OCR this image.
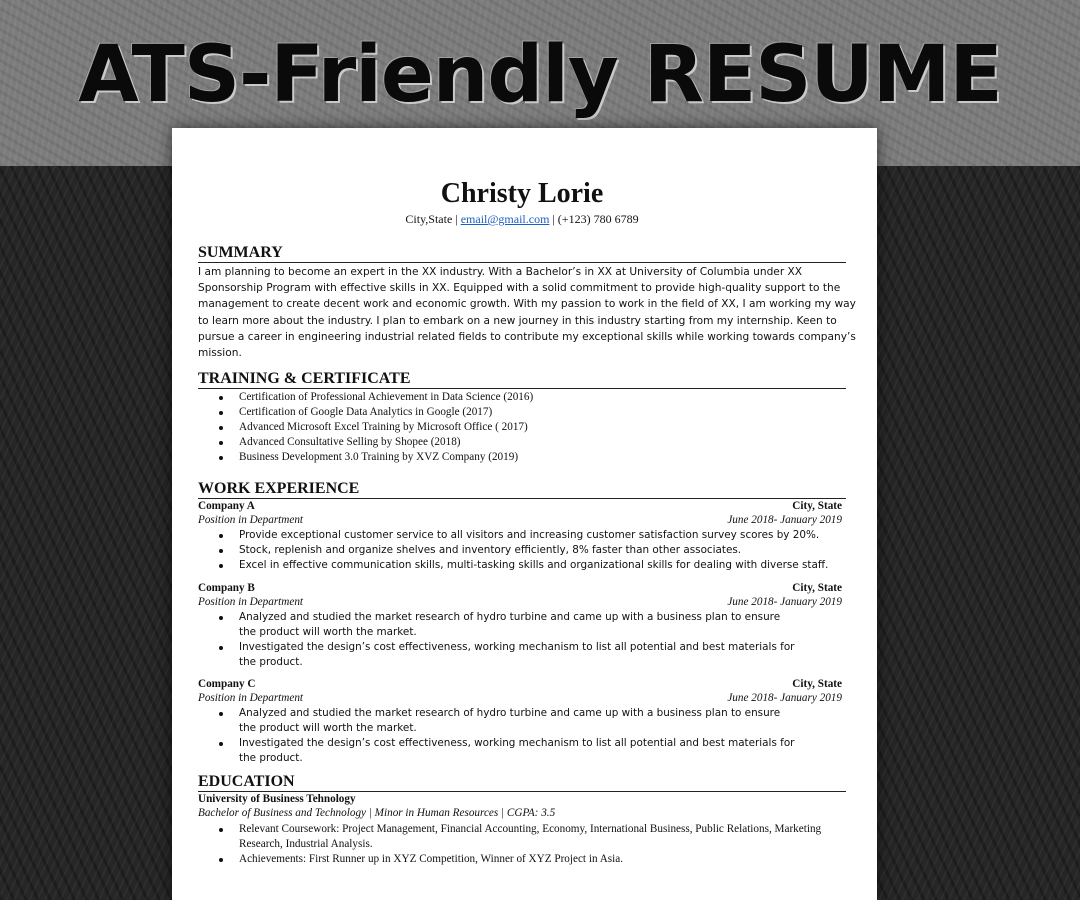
ATS-Friendly RESUME
Christy Lorie
City,State | email@gmail.com | (+123) 780 6789
SUMMARY
I am planning to become an expert in the XX industry. With a Bachelor’s in XX at University of Columbia under XX Sponsorship Program with effective skills in XX. Equipped with a solid commitment to provide high-quality support to the management to create decent work and economic growth. With my passion to work in the field of XX, I am working my way to learn more about the industry. I plan to embark on a new journey in this industry starting from my internship. Keen to pursue a career in engineering industrial related fields to contribute my exceptional skills while working towards company’s mission.
TRAINING & CERTIFICATE
Certification of Professional Achievement in Data Science (2016)
Certification of Google Data Analytics in Google (2017)
Advanced Microsoft Excel Training by Microsoft Office ( 2017)
Advanced Consultative Selling by Shopee (2018)
Business Development 3.0 Training by XVZ Company (2019)
WORK EXPERIENCE
Company A	City, State
Position in Department	June 2018- January 2019
Provide exceptional customer service to all visitors and increasing customer satisfaction survey scores by 20%.
Stock, replenish and organize shelves and inventory efficiently, 8% faster than other associates.
Excel in effective communication skills, multi-tasking skills and organizational skills for dealing with diverse staff.
Company B	City, State
Position in Department	June 2018- January 2019
Analyzed and studied the market research of hydro turbine and came up with a business plan to ensure the product will worth the market.
Investigated the design’s cost effectiveness, working mechanism to list all potential and best materials for the product.
Company C	City, State
Position in Department	June 2018- January 2019
Analyzed and studied the market research of hydro turbine and came up with a business plan to ensure the product will worth the market.
Investigated the design’s cost effectiveness, working mechanism to list all potential and best materials for the product.
EDUCATION
University of Business Tehnology
Bachelor of Business and Technology | Minor in Human Resources | CGPA: 3.5
Relevant Coursework: Project Management, Financial Accounting, Economy, International Business, Public Relations, Marketing Research, Industrial Analysis.
Achievements: First Runner up in XYZ Competition, Winner of XYZ Project in Asia.
